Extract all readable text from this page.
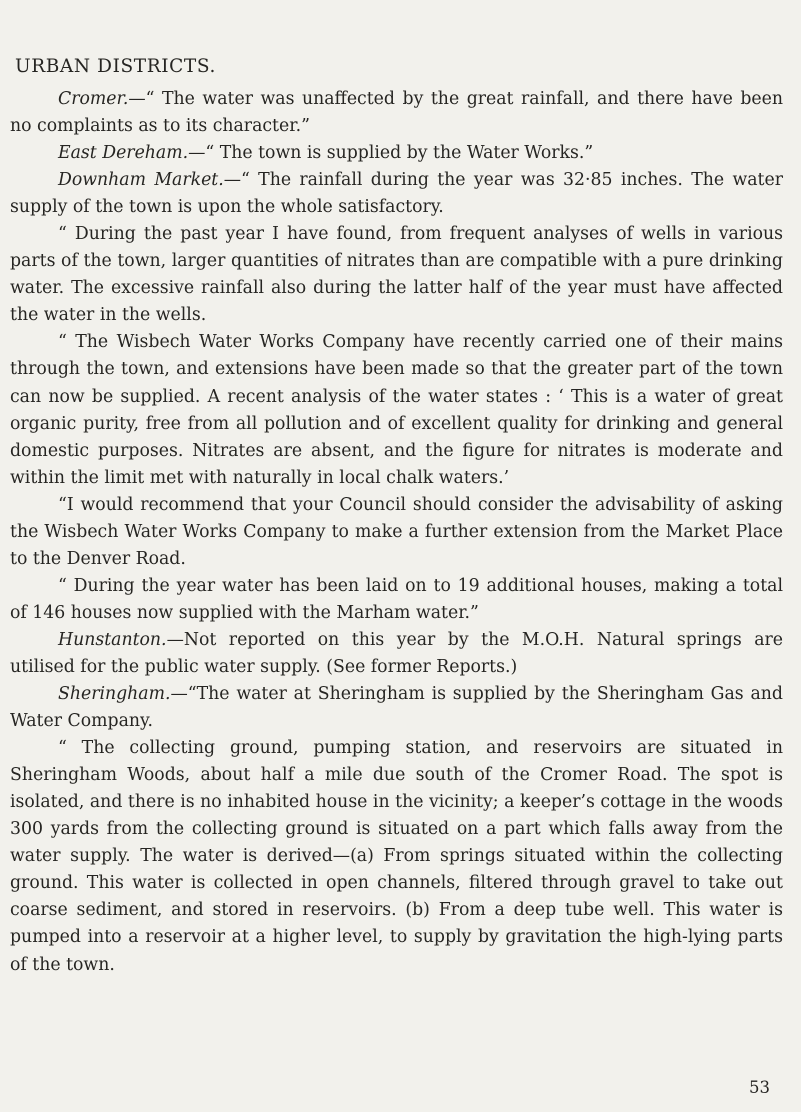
URBAN DISTRICTS.

Cromer.—“ The water was unaffected by the great rainfall, and there have been no complaints as to its character.”

East Dereham.—“ The town is supplied by the Water Works.”

Downham Market.—“ The rainfall during the year was 32·85 inches. The water supply of the town is upon the whole satisfactory.

“ During the past year I have found, from frequent analyses of wells in various parts of the town, larger quantities of nitrates than are compatible with a pure drinking water. The excessive rainfall also during the latter half of the year must have affected the water in the wells.

“ The Wisbech Water Works Company have recently carried one of their mains through the town, and extensions have been made so that the greater part of the town can now be supplied. A recent analysis of the water states : ‘ This is a water of great organic purity, free from all pollution and of excellent quality for drinking and general domestic purposes. Nitrates are absent, and the figure for nitrates is moderate and within the limit met with naturally in local chalk waters.’

“I would recommend that your Council should consider the advisability of asking the Wisbech Water Works Company to make a further extension from the Market Place to the Denver Road.

“ During the year water has been laid on to 19 additional houses, making a total of 146 houses now supplied with the Marham water.”

Hunstanton.—Not reported on this year by the M.O.H. Natural springs are utilised for the public water supply. (See former Reports.)

Sheringham.—“The water at Sheringham is supplied by the Sheringham Gas and Water Company.

“ The collecting ground, pumping station, and reservoirs are situated in Sheringham Woods, about half a mile due south of the Cromer Road. The spot is isolated, and there is no inhabited house in the vicinity; a keeper’s cottage in the woods 300 yards from the collecting ground is situated on a part which falls away from the water supply. The water is derived—(a) From springs situated within the collecting ground. This water is collected in open channels, filtered through gravel to take out coarse sediment, and stored in reservoirs. (b) From a deep tube well. This water is pumped into a reservoir at a higher level, to supply by gravitation the high-lying parts of the town.

53
